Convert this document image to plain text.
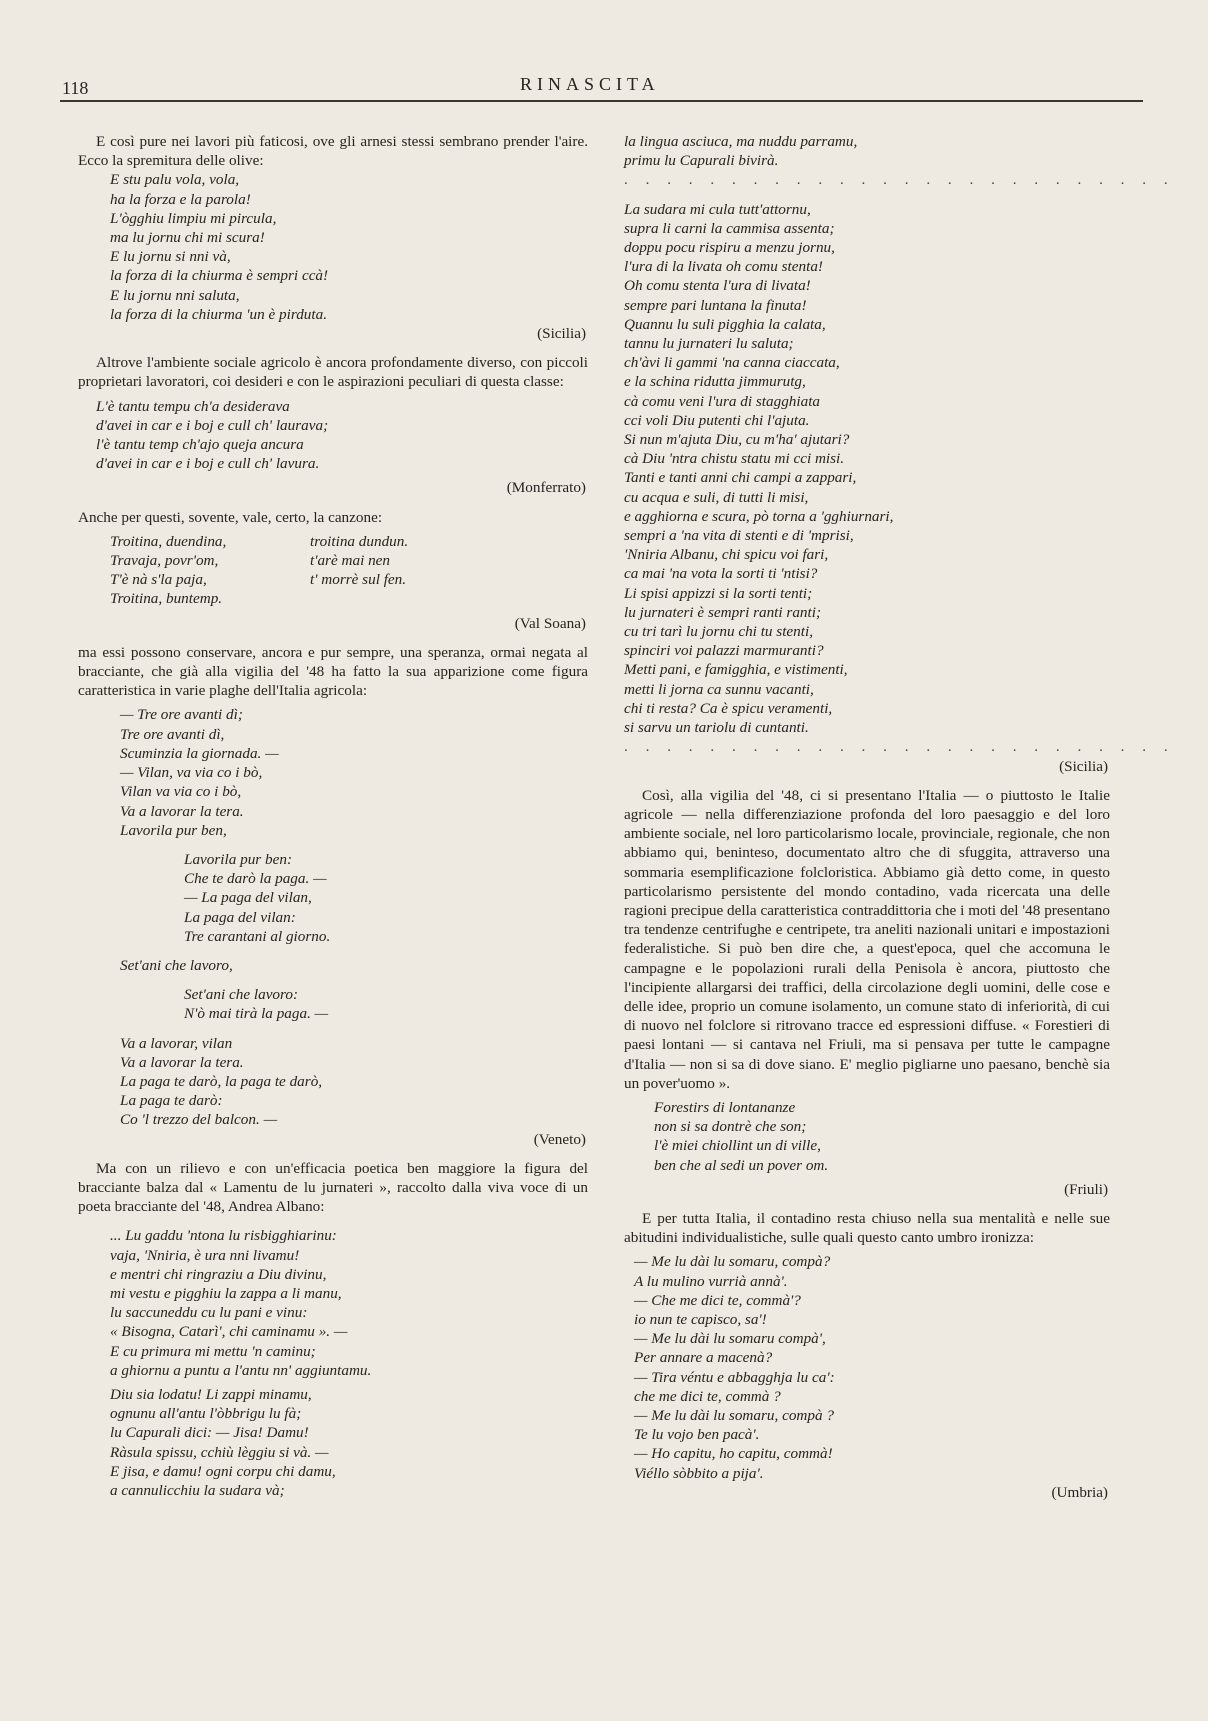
118	RINASCITA

E così pure nei lavori più faticosi, ove gli arnesi stessi sembrano prender l'aire. Ecco la spremitura delle olive:

E stu palu vola, vola,

ha la forza e la parola!

L'ògghiu limpiu mi pircula,

ma lu jornu chi mi scura!

E lu jornu si nni và,

la forza di la chiurma è sempri ccà!

E lu jornu nni saluta,

la forza di la chiurma 'un è pirduta.

(Sicilia)

Altrove l'ambiente sociale agricolo è ancora profondamente diverso, con piccoli proprietari lavoratori, coi desideri e con le aspirazioni peculiari di questa classe:

L'è tantu tempu ch'a desiderava

d'avei in car e i boj e cull ch' laurava;

l'è tantu temp ch'ajo queja ancura

d'avei in car e i boj e cull ch' lavura.

(Monferrato)

Anche per questi, sovente, vale, certo, la canzone:

Troitina, duendina,

Travaja, povr'om,

T'è nà s'la paja,

Troitina, buntemp.

troitina dundun.

t'arè mai nen

t' morrè sul fen.

(Val Soana)

ma essi possono conservare, ancora e pur sempre, una speranza, ormai negata al bracciante, che già alla vigilia del '48 ha fatto la sua apparizione come figura caratteristica in varie plaghe dell'Italia agricola:

— Tre ore avanti dì;

Tre ore avanti dì,

Scuminzia la giornada. —

— Vilan, va via co i bò,

Vilan va via co i bò,

Va a lavorar la tera.

Lavorila pur ben,

Lavorila pur ben:

Che te darò la paga. —

— La paga del vilan,

La paga del vilan:

Tre carantani al giorno.

Set'ani che lavoro,

Set'ani che lavoro:

N'ò mai tirà la paga. —

Va a lavorar, vilan

Va a lavorar la tera.

La paga te darò, la paga te darò,

La paga te darò:

Co 'l trezzo del balcon. —

(Veneto)

Ma con un rilievo e con un'efficacia poetica ben maggiore la figura del bracciante balza dal « Lamentu de lu jurnateri », raccolto dalla viva voce di un poeta bracciante del '48, Andrea Albano:

... Lu gaddu 'ntona lu risbigghiarinu:

vaja, 'Nniria, è ura nni livamu!

e mentri chi ringraziu a Diu divinu,

mi vestu e pigghiu la zappa a li manu,

lu saccuneddu cu lu pani e vinu:

« Bisogna, Catarì', chi caminamu ». —

E cu primura mi mettu 'n caminu;

a ghiornu a puntu a l'antu nn' aggiuntamu.

Diu sia lodatu! Li zappi minamu,

ognunu all'antu l'òbbrigu lu fà;

lu Capurali dici: — Jisa! Damu!

Ràsula spissu, cchiù lèggiu si và. —

E jisa, e damu! ogni corpu chi damu,

a cannulicchiu la sudara và;

la lingua asciuca, ma nuddu parramu,

primu lu Capurali bivirà.

. . . . . . . . . . . . . . . . . . . . . . . . . .

La sudara mi cula tutt'attornu,

supra li carni la cammisa assenta;

doppu pocu rispiru a menzu jornu,

l'ura di la livata oh comu stenta!

Oh comu stenta l'ura di livata!

sempre pari luntana la finuta!

Quannu lu suli pigghia la calata,

tannu lu jurnateri lu saluta;

ch'àvi li gammi 'na canna ciaccata,

e la schina ridutta jimmurutg,

cà comu veni l'ura di stagghiata

cci voli Diu putenti chi l'ajuta.

Si nun m'ajuta Diu, cu m'ha' ajutari?

cà Diu 'ntra chistu statu mi cci misi.

Tanti e tanti anni chi campi a zappari,

cu acqua e suli, di tutti li misi,

e agghiorna e scura, pò torna a 'gghiurnari,

sempri a 'na vita di stenti e di 'mprisi,

'Nniria Albanu, chi spicu voi fari,

ca mai 'na vota la sorti ti 'ntisi?

Li spisi appizzi si la sorti tenti;

lu jurnateri è sempri ranti ranti;

cu tri tarì lu jornu chi tu stenti,

spinciri voi palazzi marmuranti?

Metti pani, e famigghia, e vistimenti,

metti li jorna ca sunnu vacanti,

chi ti resta? Ca è spicu veramenti,

si sarvu un tariolu di cuntanti.

. . . . . . . . . . . . . . . . . . . . . . . . . .

(Sicilia)

Così, alla vigilia del '48, ci si presentano l'Italia — o piuttosto le Italie agricole — nella differenziazione profonda del loro paesaggio e del loro ambiente sociale, nel loro particolarismo locale, provinciale, regionale, che non abbiamo qui, beninteso, documentato altro che di sfuggita, attraverso una sommaria esemplificazione folcloristica. Abbiamo già detto come, in questo particolarismo persistente del mondo contadino, vada ricercata una delle ragioni precipue della caratteristica contraddittoria che i moti del '48 presentano tra tendenze centrifughe e centripete, tra aneliti nazionali unitari e impostazioni federalistiche. Si può ben dire che, a quest'epoca, quel che accomuna le campagne e le popolazioni rurali della Penisola è ancora, piuttosto che l'incipiente allargarsi dei traffici, della circolazione degli uomini, delle cose e delle idee, proprio un comune isolamento, un comune stato di inferiorità, di cui di nuovo nel folclore si ritrovano tracce ed espressioni diffuse. « Forestieri di paesi lontani — si cantava nel Friuli, ma si pensava per tutte le campagne d'Italia — non si sa di dove siano. E' meglio pigliarne uno paesano, benchè sia un pover'uomo ».

Forestirs di lontananze

non si sa dontrè che son;

l'è miei chiollint un di ville,

ben che al sedi un pover om.

(Friuli)

E per tutta Italia, il contadino resta chiuso nella sua mentalità e nelle sue abitudini individualistiche, sulle quali questo canto umbro ironizza:

— Me lu dài lu somaru, compà?

A lu mulino vurrià annà'.

— Che me dici te, commà'?

io nun te capisco, sa'!

— Me lu dài lu somaru compà',

Per annare a macenà?

— Tira véntu e abbagghja lu ca':

che me dici te, commà ?

— Me lu dài lu somaru, compà ?

Te lu vojo ben pacà'.

— Ho capitu, ho capitu, commà!

Viéllo sòbbito a pija'.

(Umbria)
